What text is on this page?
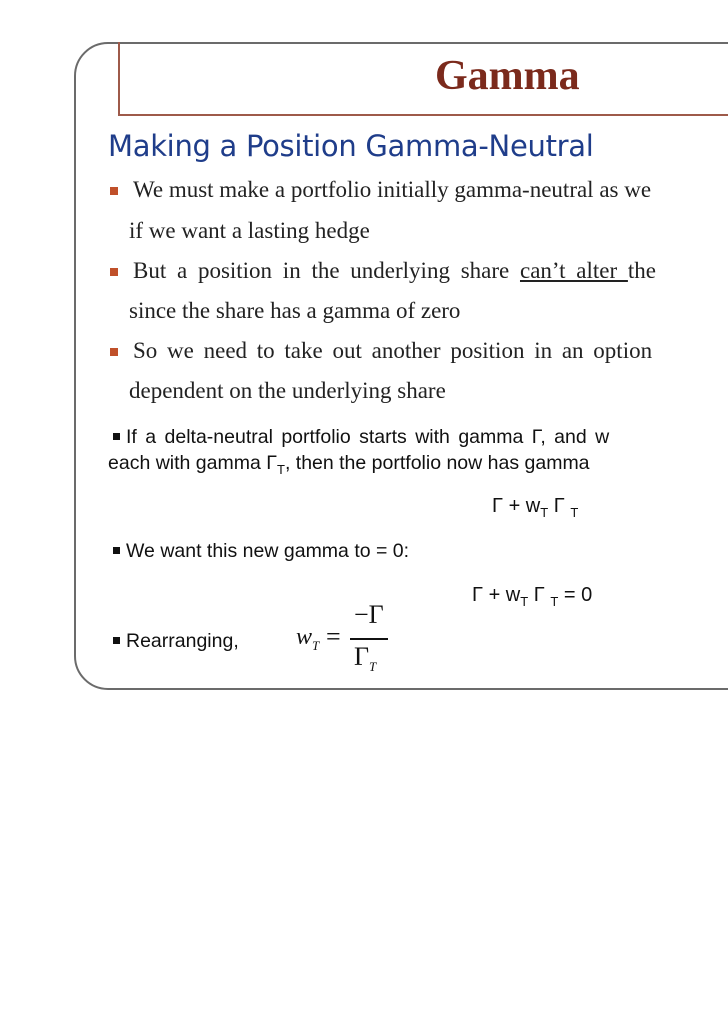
Gamma
Making a Position Gamma-Neutral
We must make a portfolio initially gamma-neutral as we
if we want a lasting hedge
But a position in the underlying share can’t alter the
since the share has a gamma of zero
So we need to take out another position in an option
dependent on the underlying share
If a delta-neutral portfolio starts with gamma Γ, and w
each with gamma $\Gamma_T$, then the portfolio now has gamma
$\Gamma + w_T$ Γ $_T$
We want this new gamma to = 0:
$\Gamma + w_T$ Γ $_T$ = 0
Rearranging, $w_T$ =
−Γ
$\Gamma_T$
